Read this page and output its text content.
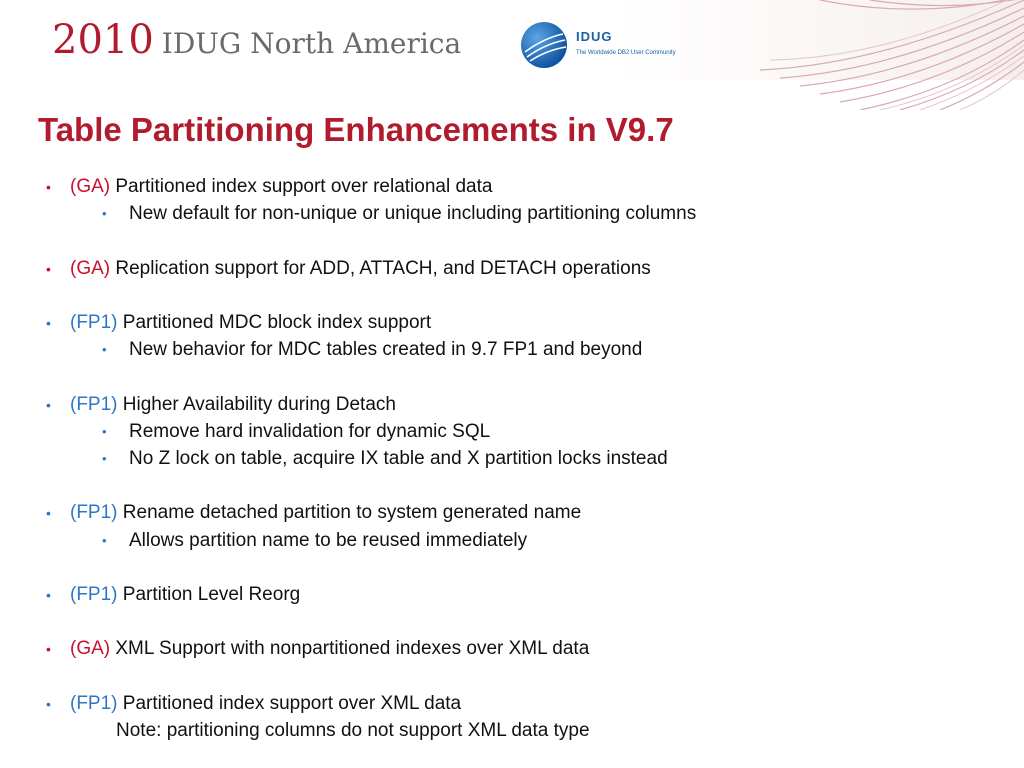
2010 IDUG North America	IDUG
The Worldwide DB2 User Community
Table Partitioning Enhancements in V9.7
• (GA) Partitioned index support over relational data
• New default for non-unique or unique including partitioning columns
• (GA) Replication support for ADD, ATTACH, and DETACH operations
• (FP1) Partitioned MDC block index support
• New behavior for MDC tables created in 9.7 FP1 and beyond
• (FP1) Higher Availability during Detach
• Remove hard invalidation for dynamic SQL
• No Z lock on table, acquire IX table and X partition locks instead
• (FP1) Rename detached partition to system generated name
• Allows partition name to be reused immediately
• (FP1) Partition Level Reorg
• (GA) XML Support with nonpartitioned indexes over XML data
• (FP1) Partitioned index support over XML data
Note: partitioning columns do not support XML data type
